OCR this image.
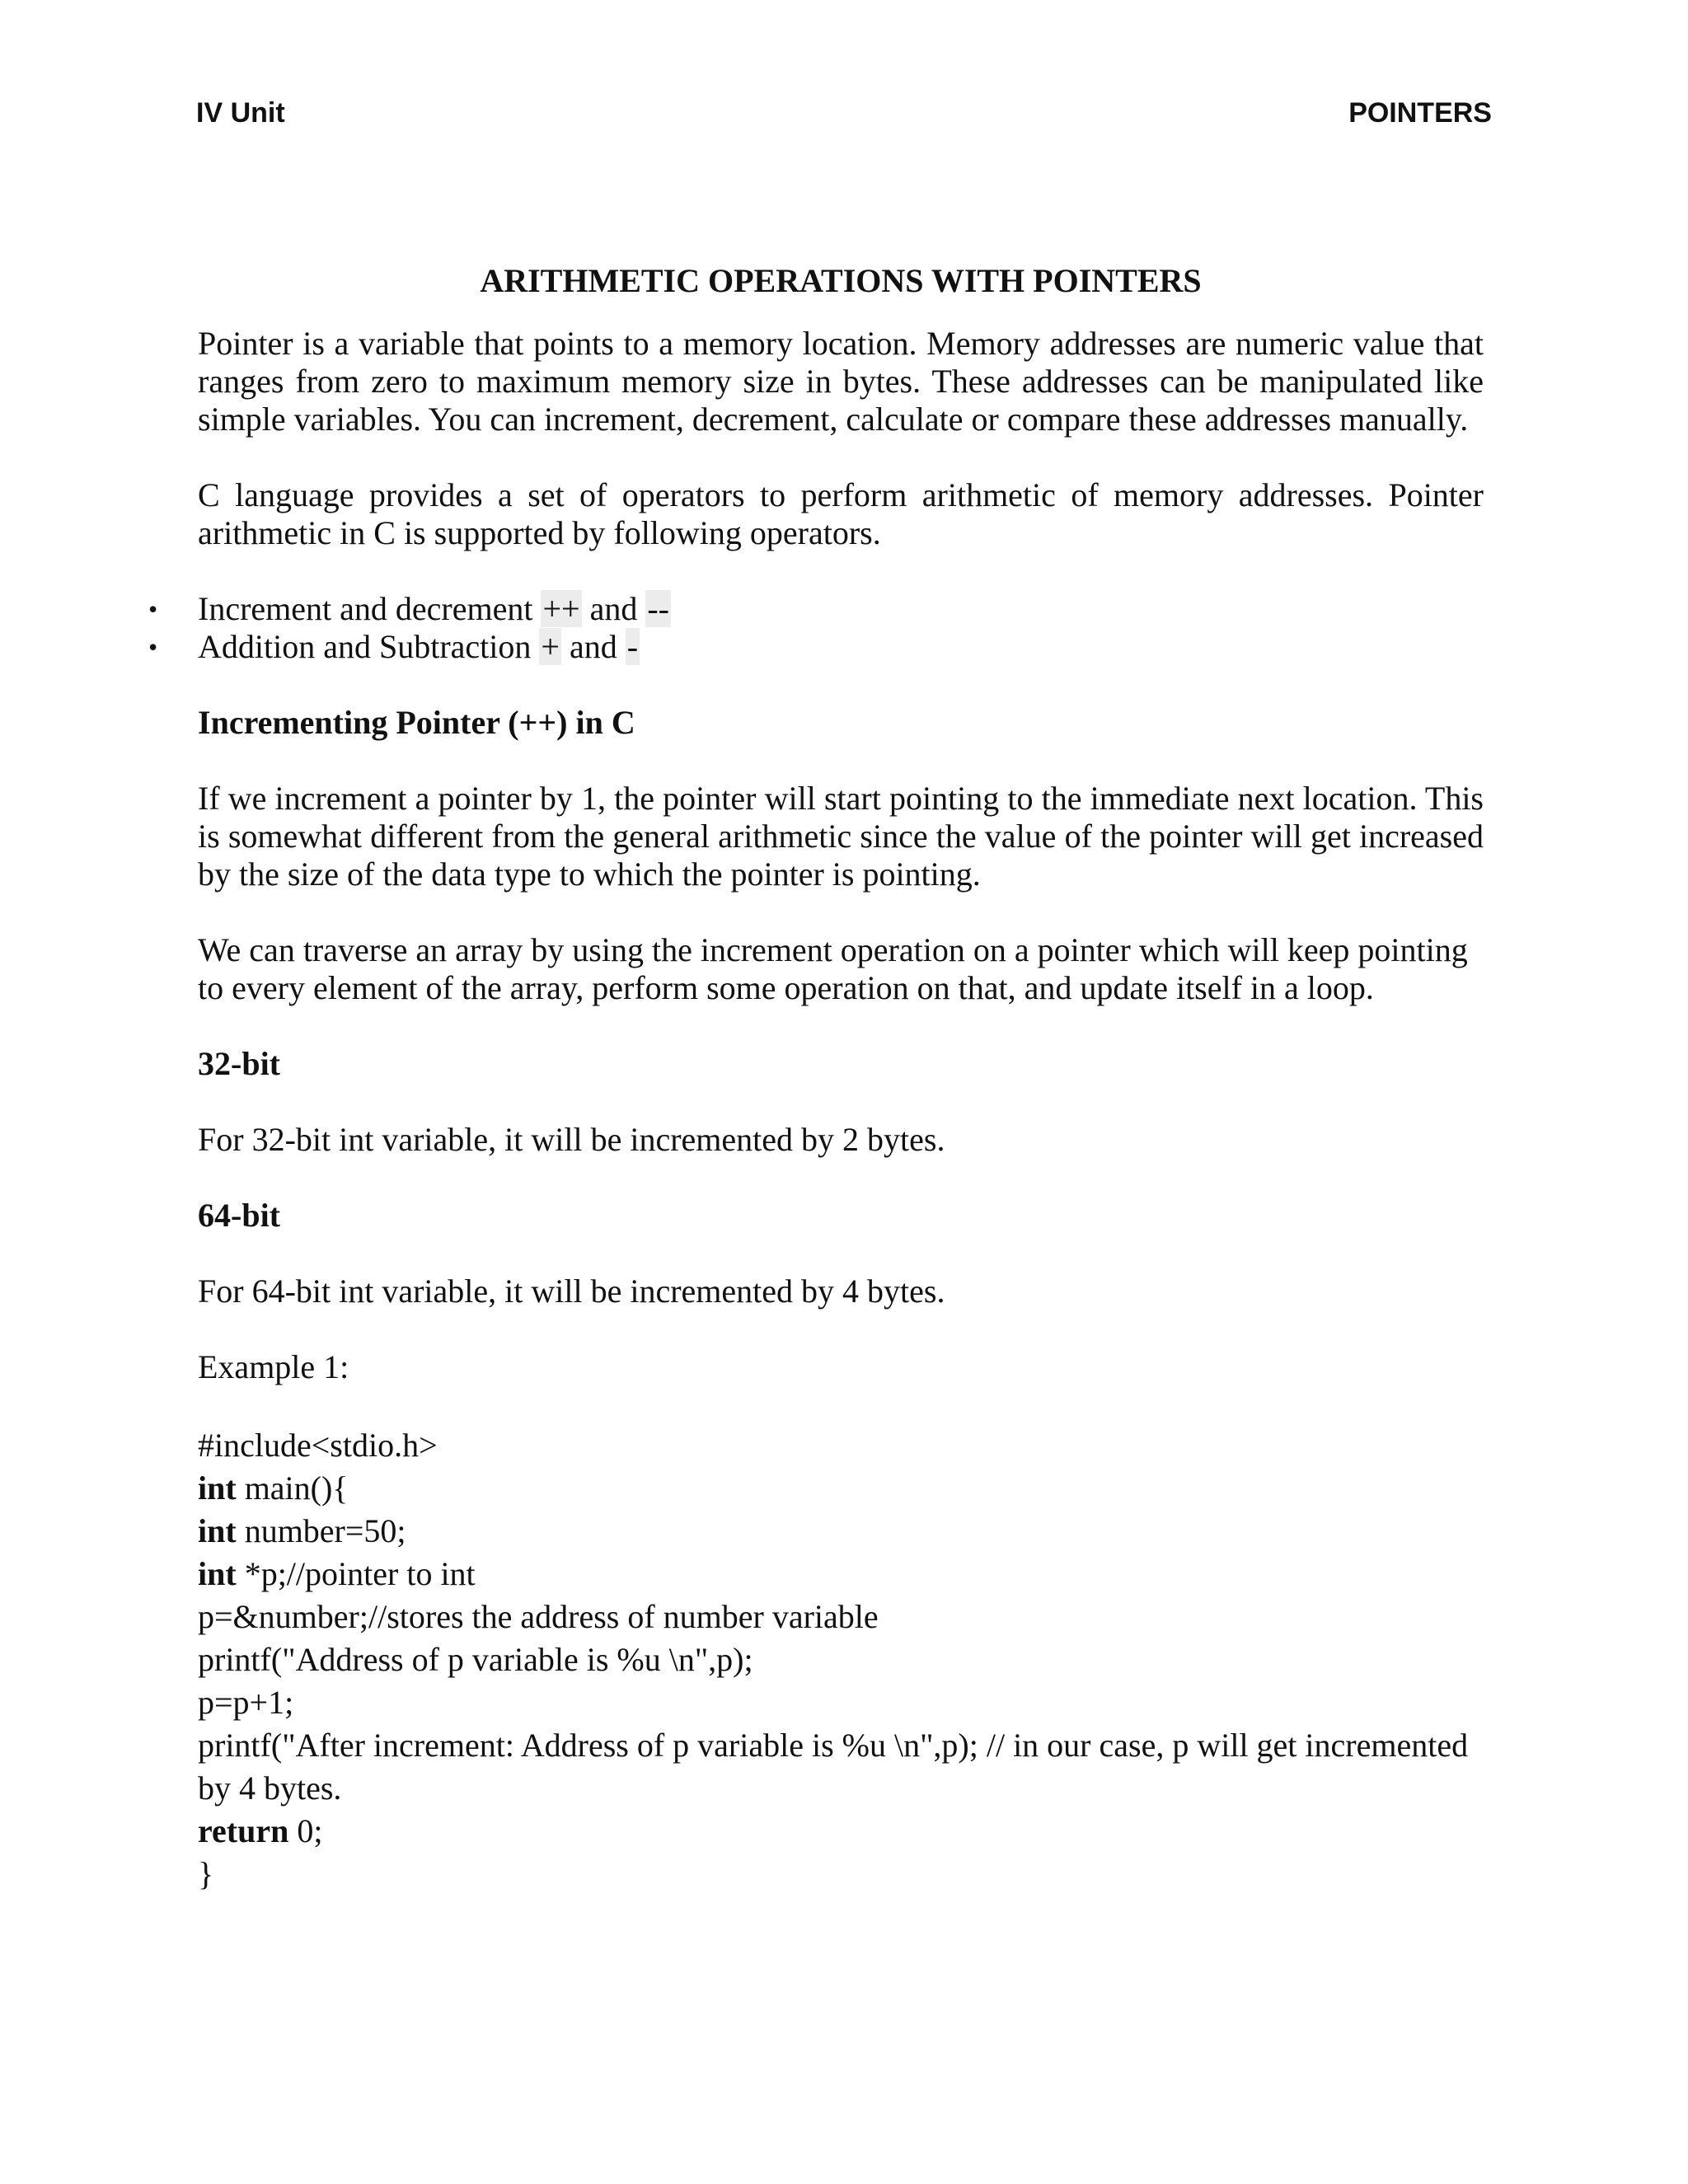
IV Unit	POINTERS
ARITHMETIC OPERATIONS WITH POINTERS

Pointer is a variable that points to a memory location. Memory addresses are numeric value that ranges from zero to maximum memory size in bytes. These addresses can be manipulated like simple variables. You can increment, decrement, calculate or compare these addresses manually.

C language provides a set of operators to perform arithmetic of memory addresses. Pointer arithmetic in C is supported by following operators.

• Increment and decrement ++ and --
• Addition and Subtraction + and -
Incrementing Pointer (++) in C

If we increment a pointer by 1, the pointer will start pointing to the immediate next location. This is somewhat different from the general arithmetic since the value of the pointer will get increased by the size of the data type to which the pointer is pointing.

We can traverse an array by using the increment operation on a pointer which will keep pointing to every element of the array, perform some operation on that, and update itself in a loop.

32-bit

For 32-bit int variable, it will be incremented by 2 bytes.

64-bit

For 64-bit int variable, it will be incremented by 4 bytes.

Example 1:

#include<stdio.h>
int main(){
int number=50;
int *p;//pointer to int
p=&number;//stores the address of number variable
printf("Address of p variable is %u \n",p);
p=p+1;
printf("After increment: Address of p variable is %u \n",p); // in our case, p will get incremented by 4 bytes.
return 0;
}
